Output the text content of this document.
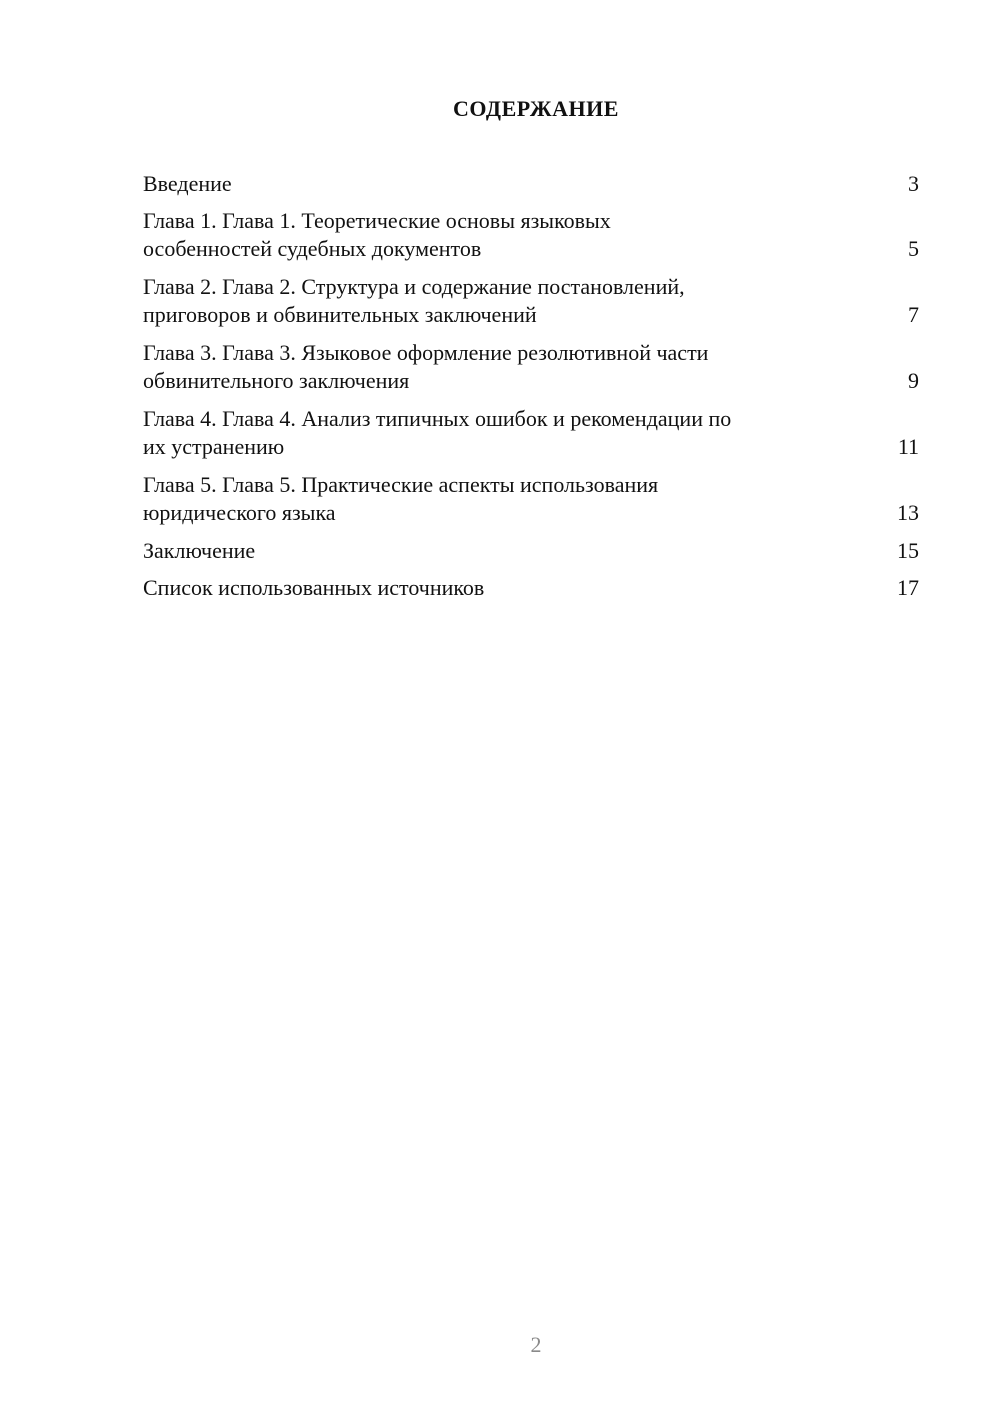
СОДЕРЖАНИЕ
Введение	3
Глава 1. Глава 1. Теоретические основы языковых
особенностей судебных документов	5
Глава 2. Глава 2. Структура и содержание постановлений,
приговоров и обвинительных заключений	7
Глава 3. Глава 3. Языковое оформление резолютивной части
обвинительного заключения	9
Глава 4. Глава 4. Анализ типичных ошибок и рекомендации по
их устранению	11
Глава 5. Глава 5. Практические аспекты использования
юридического языка	13
Заключение	15
Список использованных источников	17

2
